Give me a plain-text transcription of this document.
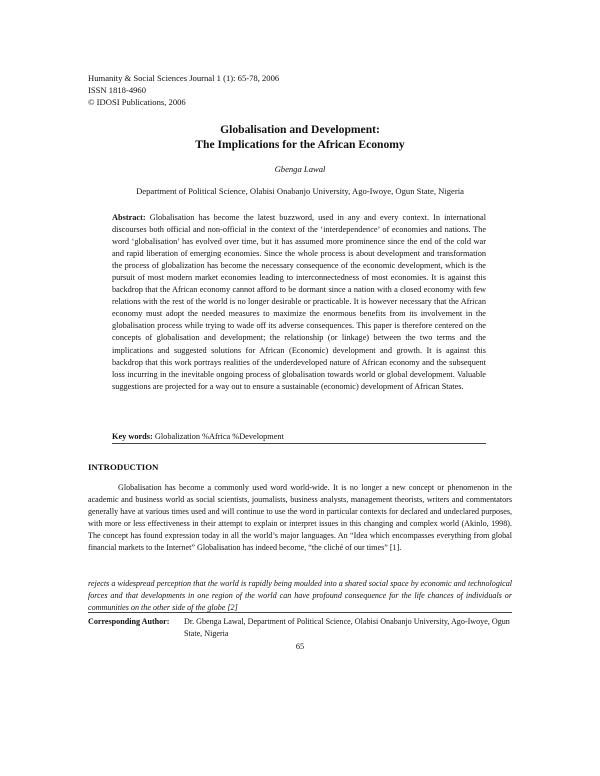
Humanity & Social Sciences Journal 1 (1): 65-78, 2006
ISSN 1818-4960
© IDOSI Publications, 2006
Globalisation and Development:
The Implications for the African Economy
Gbenga Lawal
Department of Political Science, Olabisi Onabanjo University, Ago-Iwoye, Ogun State, Nigeria
Abstract: Globalisation has become the latest buzzword, used in any and every context. In international discourses both official and non-official in the context of the ‘interdependence’ of economies and nations. The word ‘globalisation’ has evolved over time, but it has assumed more prominence since the end of the cold war and rapid liberation of emerging economies. Since the whole process is about development and transformation the process of globalization has become the necessary consequence of the economic development, which is the pursuit of most modern market economies leading to interconnectedness of most economies. It is against this backdrop that the African economy cannot afford to be dormant since a nation with a closed economy with few relations with the rest of the world is no longer desirable or practicable. It is however necessary that the African economy must adopt the needed measures to maximize the enormous benefits from its involvement in the globalisation process while trying to wade off its adverse consequences. This paper is therefore centered on the concepts of globalisation and development; the relationship (or linkage) between the two terms and the implications and suggested solutions for African (Economic) development and growth. It is against this backdrop that this work portrays realities of the underdeveloped nature of African economy and the subsequent loss incurring in the inevitable ongoing process of globalisation towards world or global development. Valuable suggestions are projected for a way out to ensure a sustainable (economic) development of African States.
Key words: Globalization %Africa %Development
INTRODUCTION
Globalisation has become a commonly used word world-wide. It is no longer a new concept or phenomenon in the academic and business world as social scientists, journalists, business analysts, management theorists, writers and commentators generally have at various times used and will continue to use the word in particular contexts for declared and undeclared purposes, with more or less effectiveness in their attempt to explain or interpret issues in this changing and complex world (Akinlo, 1998). The concept has found expression today in all the world’s major languages. An “Idea which encompasses everything from global financial markets to the Internet” Globalisation has indeed become, “the cliché of our times” [1].
rejects a widespread perception that the world is rapidly being moulded into a shared social space by economic and technological forces and that developments in one region of the world can have profound consequence for the life chances of individuals or communities on the other side of the globe [2]
Corresponding Author: Dr. Gbenga Lawal, Department of Political Science, Olabisi Onabanjo University, Ago-Iwoye, Ogun State, Nigeria
65
